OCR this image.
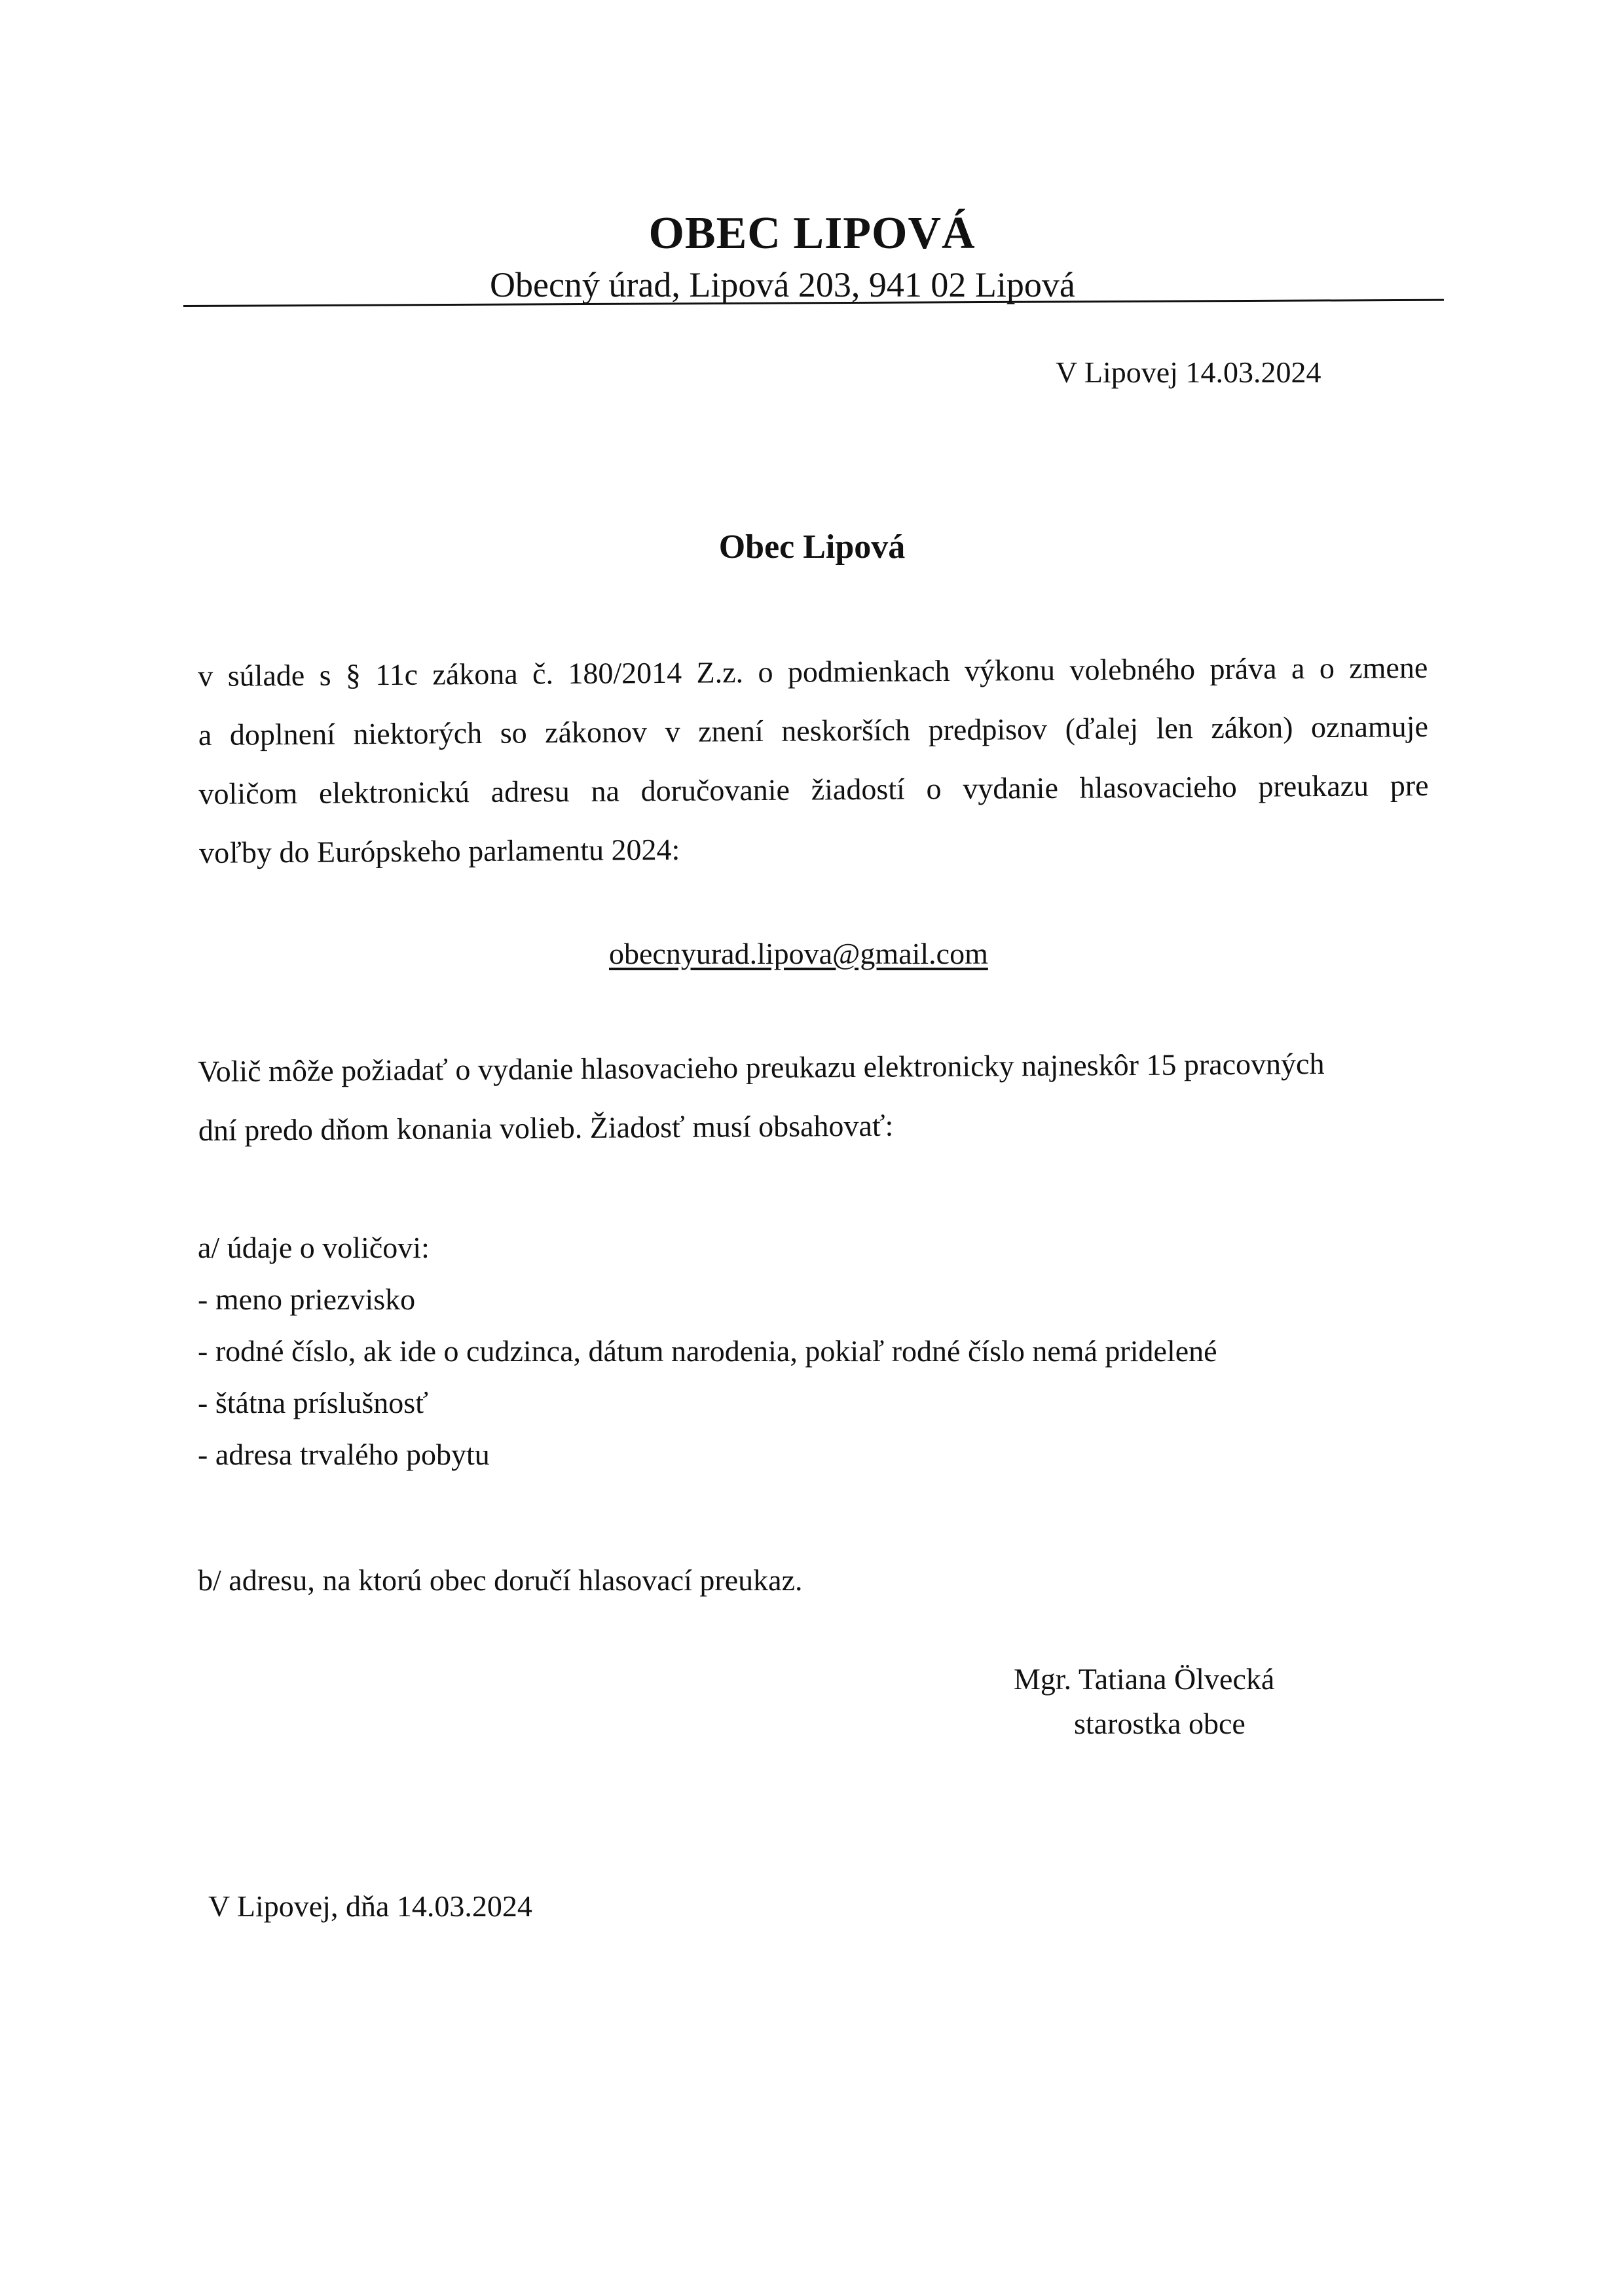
OBEC LIPOVÁ
Obecný úrad, Lipová 203, 941 02 Lipová
V Lipovej 14.03.2024
Obec Lipová
v súlade s § 11c zákona č. 180/2014 Z.z. o podmienkach výkonu volebného práva a o zmene
a doplnení niektorých so zákonov v znení neskorších predpisov (ďalej len zákon) oznamuje
voličom elektronickú adresu na doručovanie žiadostí o vydanie hlasovacieho preukazu pre
voľby do Európskeho parlamentu 2024:
obecnyurad.lipova@gmail.com
Volič môže požiadať o vydanie hlasovacieho preukazu elektronicky najneskôr 15 pracovných
dní predo dňom konania volieb. Žiadosť musí obsahovať:
a/ údaje o voličovi:
- meno priezvisko
- rodné číslo, ak ide o cudzinca, dátum narodenia, pokiaľ rodné číslo nemá pridelené
- štátna príslušnosť
- adresa trvalého pobytu
b/ adresu, na ktorú obec doručí hlasovací preukaz.
Mgr. Tatiana Ölvecká
starostka obce
V Lipovej, dňa 14.03.2024
